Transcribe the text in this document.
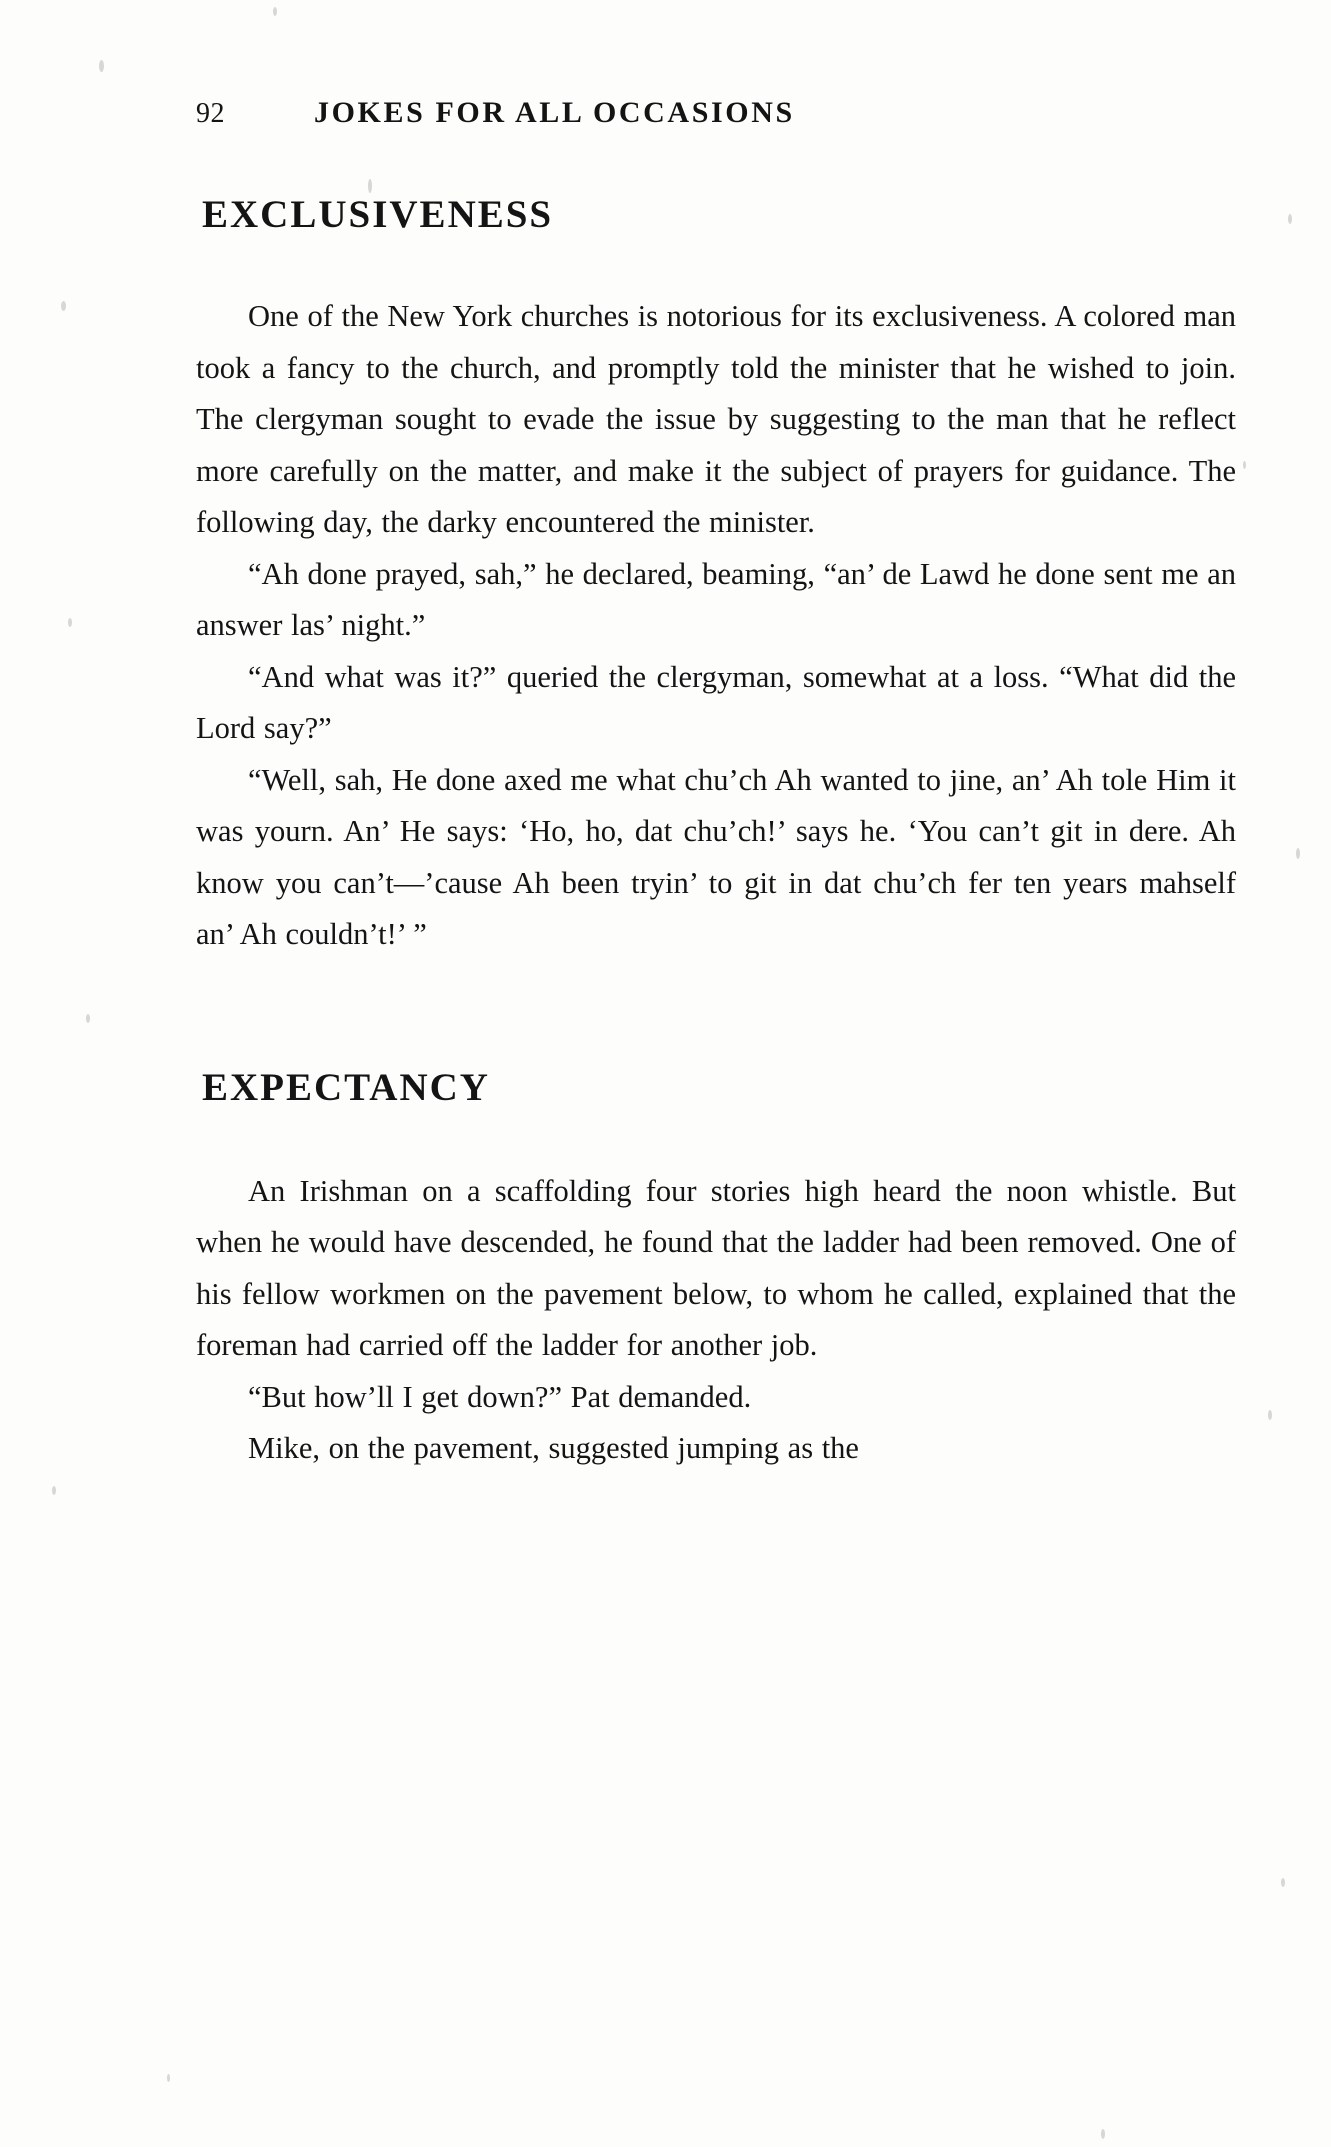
92	JOKES FOR ALL OCCASIONS
EXCLUSIVENESS

One of the New York churches is notorious for its exclusiveness. A colored man took a fancy to the church, and promptly told the minister that he wished to join. The clergyman sought to evade the issue by suggesting to the man that he reflect more carefully on the matter, and make it the subject of prayers for guidance. The following day, the darky encountered the minister.

“Ah done prayed, sah,” he declared, beaming, “an’ de Lawd he done sent me an answer las’ night.”

“And what was it?” queried the clergyman, somewhat at a loss. “What did the Lord say?”

“Well, sah, He done axed me what chu’ch Ah wanted to jine, an’ Ah tole Him it was yourn. An’ He says: ‘Ho, ho, dat chu’ch!’ says he. ‘You can’t git in dere. Ah know you can’t—’cause Ah been tryin’ to git in dat chu’ch fer ten years mahself an’ Ah couldn’t!’ ”

EXPECTANCY

An Irishman on a scaffolding four stories high heard the noon whistle. But when he would have descended, he found that the ladder had been removed. One of his fellow workmen on the pavement below, to whom he called, explained that the foreman had carried off the ladder for another job.

“But how’ll I get down?” Pat demanded.

Mike, on the pavement, suggested jumping as the
